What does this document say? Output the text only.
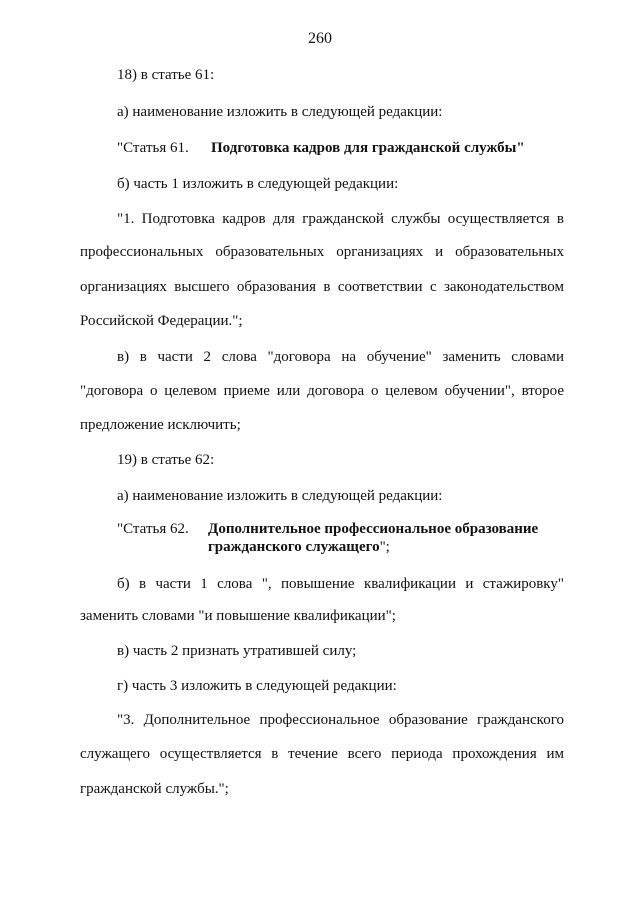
260
18) в статье 61:
а) наименование изложить в следующей редакции:
"Статья 61. Подготовка кадров для гражданской службы"
б) часть 1 изложить в следующей редакции:
"1. Подготовка кадров для гражданской службы осуществляется в
профессиональных образовательных организациях и образовательных
организациях высшего образования в соответствии с законодательством
Российской Федерации.";
в) в части 2 слова "договора на обучение" заменить словами
"договора о целевом приеме или договора о целевом обучении", второе
предложение исключить;
19) в статье 62:
а) наименование изложить в следующей редакции:
"Статья 62. Дополнительное профессиональное образование
гражданского служащего";
б) в части 1 слова ", повышение квалификации и стажировку"
заменить словами "и повышение квалификации";
в) часть 2 признать утратившей силу;
г) часть 3 изложить в следующей редакции:
"3. Дополнительное профессиональное образование гражданского
служащего осуществляется в течение всего периода прохождения им
гражданской службы.";
